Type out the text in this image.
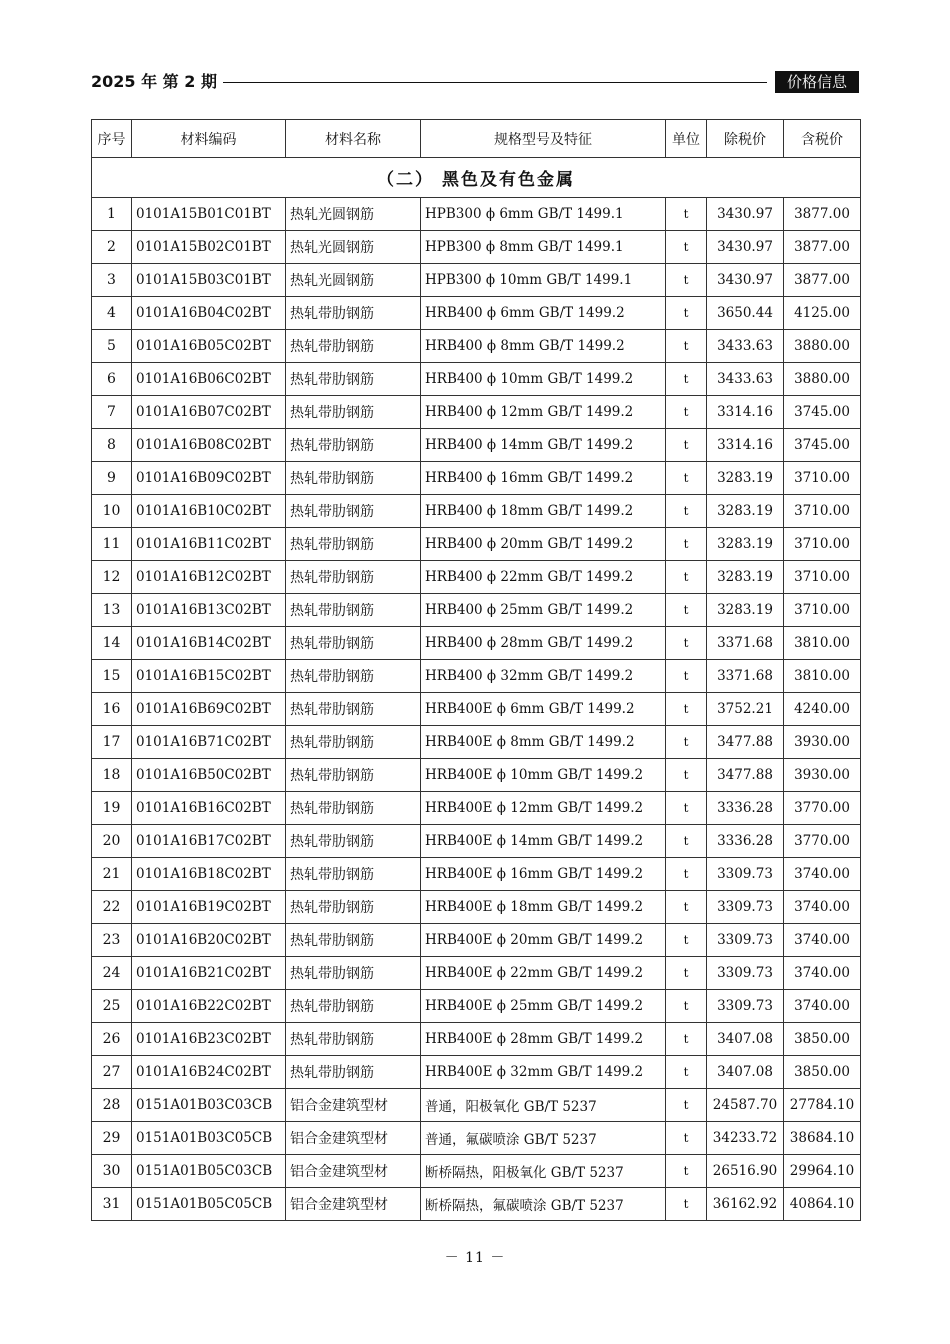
2025 年 第 2 期	价格信息
序号	材料编码	材料名称	规格型号及特征	单位	除税价	含税价
（二） 黑色及有色金属						
1	0101A15B01C01BT	热轧光圆钢筋	HPB300 ϕ 6mm GB/T 1499.1	t	3430.97	3877.00
2	0101A15B02C01BT	热轧光圆钢筋	HPB300 ϕ 8mm GB/T 1499.1	t	3430.97	3877.00
3	0101A15B03C01BT	热轧光圆钢筋	HPB300 ϕ 10mm GB/T 1499.1	t	3430.97	3877.00
4	0101A16B04C02BT	热轧带肋钢筋	HRB400 ϕ 6mm GB/T 1499.2	t	3650.44	4125.00
5	0101A16B05C02BT	热轧带肋钢筋	HRB400 ϕ 8mm GB/T 1499.2	t	3433.63	3880.00
6	0101A16B06C02BT	热轧带肋钢筋	HRB400 ϕ 10mm GB/T 1499.2	t	3433.63	3880.00
7	0101A16B07C02BT	热轧带肋钢筋	HRB400 ϕ 12mm GB/T 1499.2	t	3314.16	3745.00
8	0101A16B08C02BT	热轧带肋钢筋	HRB400 ϕ 14mm GB/T 1499.2	t	3314.16	3745.00
9	0101A16B09C02BT	热轧带肋钢筋	HRB400 ϕ 16mm GB/T 1499.2	t	3283.19	3710.00
10	0101A16B10C02BT	热轧带肋钢筋	HRB400 ϕ 18mm GB/T 1499.2	t	3283.19	3710.00
11	0101A16B11C02BT	热轧带肋钢筋	HRB400 ϕ 20mm GB/T 1499.2	t	3283.19	3710.00
12	0101A16B12C02BT	热轧带肋钢筋	HRB400 ϕ 22mm GB/T 1499.2	t	3283.19	3710.00
13	0101A16B13C02BT	热轧带肋钢筋	HRB400 ϕ 25mm GB/T 1499.2	t	3283.19	3710.00
14	0101A16B14C02BT	热轧带肋钢筋	HRB400 ϕ 28mm GB/T 1499.2	t	3371.68	3810.00
15	0101A16B15C02BT	热轧带肋钢筋	HRB400 ϕ 32mm GB/T 1499.2	t	3371.68	3810.00
16	0101A16B69C02BT	热轧带肋钢筋	HRB400E ϕ 6mm GB/T 1499.2	t	3752.21	4240.00
17	0101A16B71C02BT	热轧带肋钢筋	HRB400E ϕ 8mm GB/T 1499.2	t	3477.88	3930.00
18	0101A16B50C02BT	热轧带肋钢筋	HRB400E ϕ 10mm GB/T 1499.2	t	3477.88	3930.00
19	0101A16B16C02BT	热轧带肋钢筋	HRB400E ϕ 12mm GB/T 1499.2	t	3336.28	3770.00
20	0101A16B17C02BT	热轧带肋钢筋	HRB400E ϕ 14mm GB/T 1499.2	t	3336.28	3770.00
21	0101A16B18C02BT	热轧带肋钢筋	HRB400E ϕ 16mm GB/T 1499.2	t	3309.73	3740.00
22	0101A16B19C02BT	热轧带肋钢筋	HRB400E ϕ 18mm GB/T 1499.2	t	3309.73	3740.00
23	0101A16B20C02BT	热轧带肋钢筋	HRB400E ϕ 20mm GB/T 1499.2	t	3309.73	3740.00
24	0101A16B21C02BT	热轧带肋钢筋	HRB400E ϕ 22mm GB/T 1499.2	t	3309.73	3740.00
25	0101A16B22C02BT	热轧带肋钢筋	HRB400E ϕ 25mm GB/T 1499.2	t	3309.73	3740.00
26	0101A16B23C02BT	热轧带肋钢筋	HRB400E ϕ 28mm GB/T 1499.2	t	3407.08	3850.00
27	0101A16B24C02BT	热轧带肋钢筋	HRB400E ϕ 32mm GB/T 1499.2	t	3407.08	3850.00
28	0151A01B03C03CB	铝合金建筑型材	普通，阳极氧化 GB/T 5237	t	24587.70	27784.10
29	0151A01B03C05CB	铝合金建筑型材	普通，氟碳喷涂 GB/T 5237	t	34233.72	38684.10
30	0151A01B05C03CB	铝合金建筑型材	断桥隔热，阳极氧化 GB/T 5237	t	26516.90	29964.10
31	0151A01B05C05CB	铝合金建筑型材	断桥隔热，氟碳喷涂 GB/T 5237	t	36162.92	40864.10
－ 11 －
